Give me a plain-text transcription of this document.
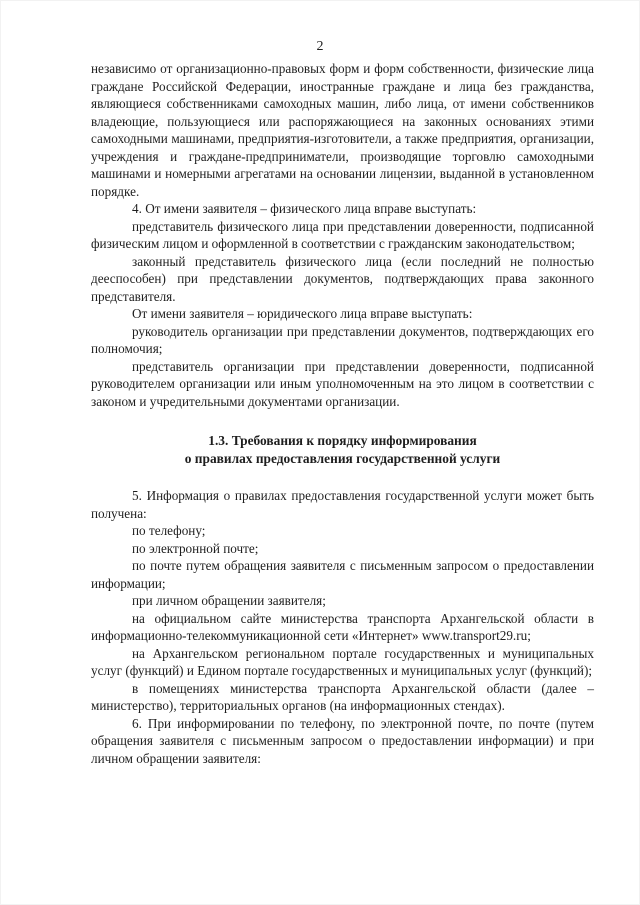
2

независимо от организационно-правовых форм и форм собственности, физические лица граждане Российской Федерации, иностранные граждане и лица без гражданства, являющиеся собственниками самоходных машин, либо лица, от имени собственников владеющие, пользующиеся или распоряжающиеся на законных основаниях этими самоходными машинами, предприятия-изготовители, а также предприятия, организации, учреждения и граждане-предприниматели, производящие торговлю самоходными машинами и номерными агрегатами на основании лицензии, выданной в установленном порядке.

4. От имени заявителя – физического лица вправе выступать:

представитель физического лица при представлении доверенности, подписанной физическим лицом и оформленной в соответствии с гражданским законодательством;

законный представитель физического лица (если последний не полностью дееспособен) при представлении документов, подтверждающих права законного представителя.

От имени заявителя – юридического лица вправе выступать:

руководитель организации при представлении документов, подтверждающих его полномочия;

представитель организации при представлении доверенности, подписанной руководителем организации или иным уполномоченным на это лицом в соответствии с законом и учредительными документами организации.

1.3. Требования к порядку информирования

о правилах предоставления государственной услуги

5. Информация о правилах предоставления государственной услуги может быть получена:

по телефону;

по электронной почте;

по почте путем обращения заявителя с письменным запросом о предоставлении информации;

при личном обращении заявителя;

на официальном сайте министерства транспорта Архангельской области в информационно-телекоммуникационной сети «Интернет» www.transport29.ru;

на Архангельском региональном портале государственных и муниципальных услуг (функций) и Едином портале государственных и муниципальных услуг (функций);

в помещениях министерства транспорта Архангельской области (далее – министерство), территориальных органов (на информационных стендах).

6. При информировании по телефону, по электронной почте, по почте (путем обращения заявителя с письменным запросом о предоставлении информации) и при личном обращении заявителя:
